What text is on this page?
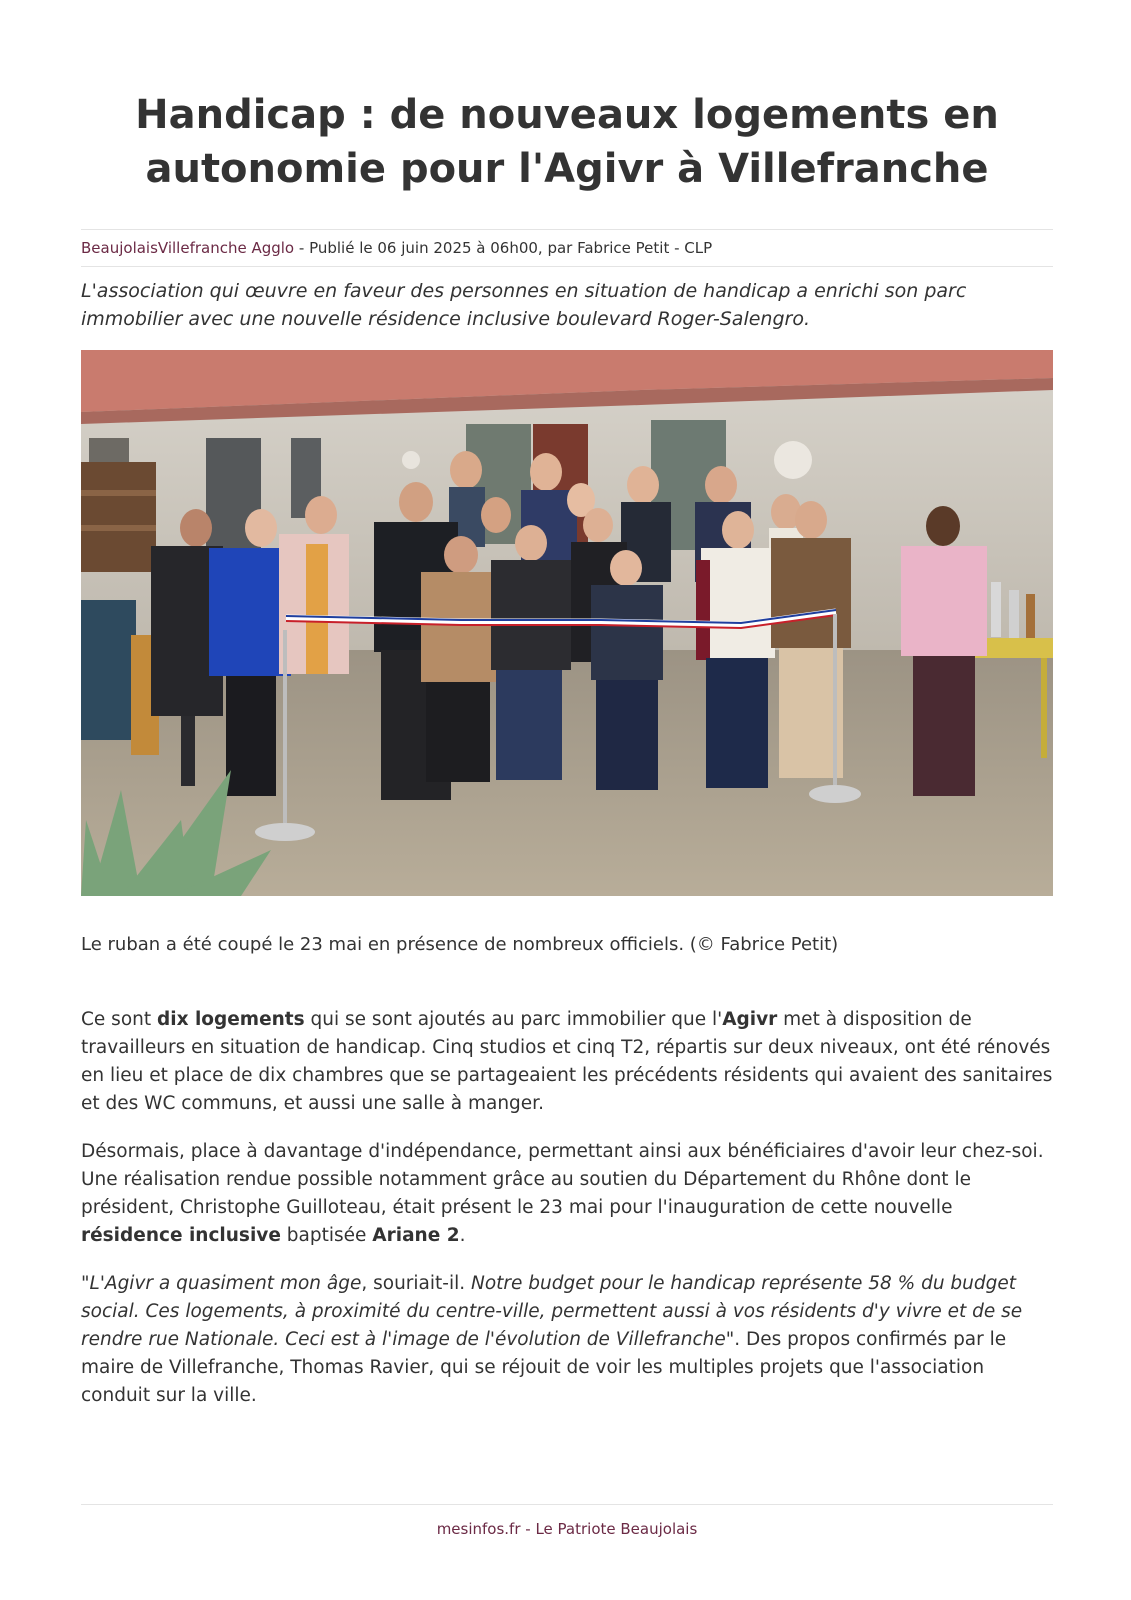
Handicap : de nouveaux logements en autonomie pour l'Agivr à Villefranche
BeaujolaisVillefranche Agglo - Publié le 06 juin 2025 à 06h00, par Fabrice Petit - CLP

L'association qui œuvre en faveur des personnes en situation de handicap a enrichi son parc immobilier avec une nouvelle résidence inclusive boulevard Roger-Salengro.

Le ruban a été coupé le 23 mai en présence de nombreux officiels. (© Fabrice Petit)

Ce sont dix logements qui se sont ajoutés au parc immobilier que l'Agivr met à disposition de travailleurs en situation de handicap. Cinq studios et cinq T2, répartis sur deux niveaux, ont été rénovés en lieu et place de dix chambres que se partageaient les précédents résidents qui avaient des sanitaires et des WC communs, et aussi une salle à manger.

Désormais, place à davantage d'indépendance, permettant ainsi aux bénéficiaires d'avoir leur chez-soi. Une réalisation rendue possible notamment grâce au soutien du Département du Rhône dont le président, Christophe Guilloteau, était présent le 23 mai pour l'inauguration de cette nouvelle résidence inclusive baptisée Ariane 2.

"L'Agivr a quasiment mon âge, souriait-il. Notre budget pour le handicap représente 58 % du budget social. Ces logements, à proximité du centre-ville, permettent aussi à vos résidents d'y vivre et de se rendre rue Nationale. Ceci est à l'image de l'évolution de Villefranche". Des propos confirmés par le maire de Villefranche, Thomas Ravier, qui se réjouit de voir les multiples projets que l'association conduit sur la ville.

mesinfos.fr - Le Patriote Beaujolais
